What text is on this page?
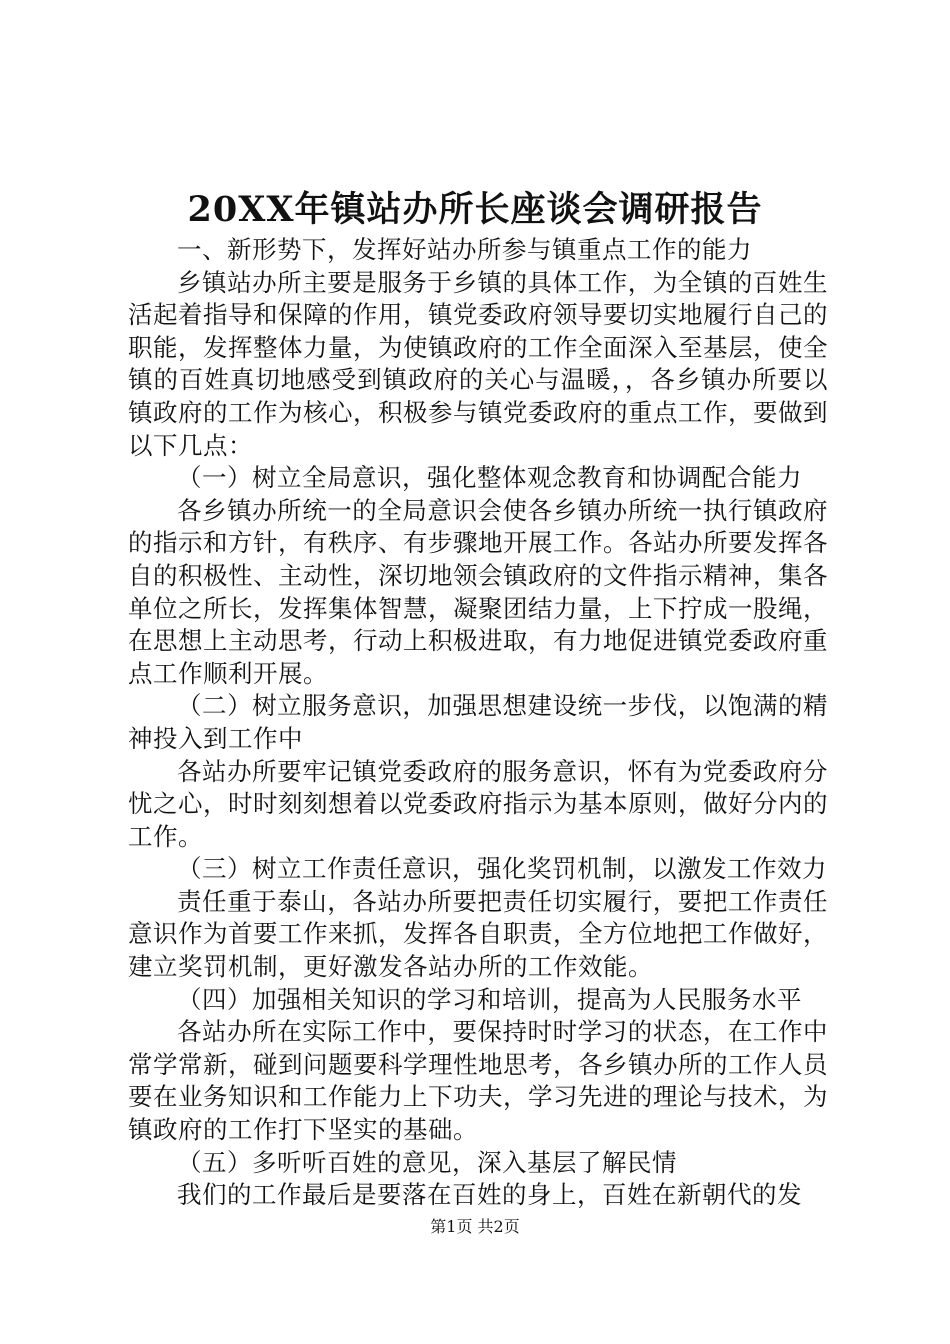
20XX年镇站办所长座谈会调研报告

一、新形势下，发挥好站办所参与镇重点工作的能力

乡镇站办所主要是服务于乡镇的具体工作，为全镇的百姓生活起着指导和保障的作用，镇党委政府领导要切实地履行自己的职能，发挥整体力量，为使镇政府的工作全面深入至基层，使全镇的百姓真切地感受到镇政府的关心与温暖，，各乡镇办所要以镇政府的工作为核心，积极参与镇党委政府的重点工作，要做到以下几点：

（一）树立全局意识，强化整体观念教育和协调配合能力

各乡镇办所统一的全局意识会使各乡镇办所统一执行镇政府的指示和方针，有秩序、有步骤地开展工作。各站办所要发挥各自的积极性、主动性，深切地领会镇政府的文件指示精神，集各单位之所长，发挥集体智慧，凝聚团结力量，上下拧成一股绳，在思想上主动思考，行动上积极进取，有力地促进镇党委政府重点工作顺利开展。

（二）树立服务意识，加强思想建设统一步伐，以饱满的精神投入到工作中

各站办所要牢记镇党委政府的服务意识，怀有为党委政府分忧之心，时时刻刻想着以党委政府指示为基本原则，做好分内的工作。

（三）树立工作责任意识，强化奖罚机制，以激发工作效力

责任重于泰山，各站办所要把责任切实履行，要把工作责任意识作为首要工作来抓，发挥各自职责，全方位地把工作做好，建立奖罚机制，更好激发各站办所的工作效能。

（四）加强相关知识的学习和培训，提高为人民服务水平

各站办所在实际工作中，要保持时时学习的状态，在工作中常学常新，碰到问题要科学理性地思考，各乡镇办所的工作人员要在业务知识和工作能力上下功夫，学习先进的理论与技术，为镇政府的工作打下坚实的基础。

（五）多听听百姓的意见，深入基层了解民情

我们的工作最后是要落在百姓的身上，百姓在新朝代的发

第1页 共2页
